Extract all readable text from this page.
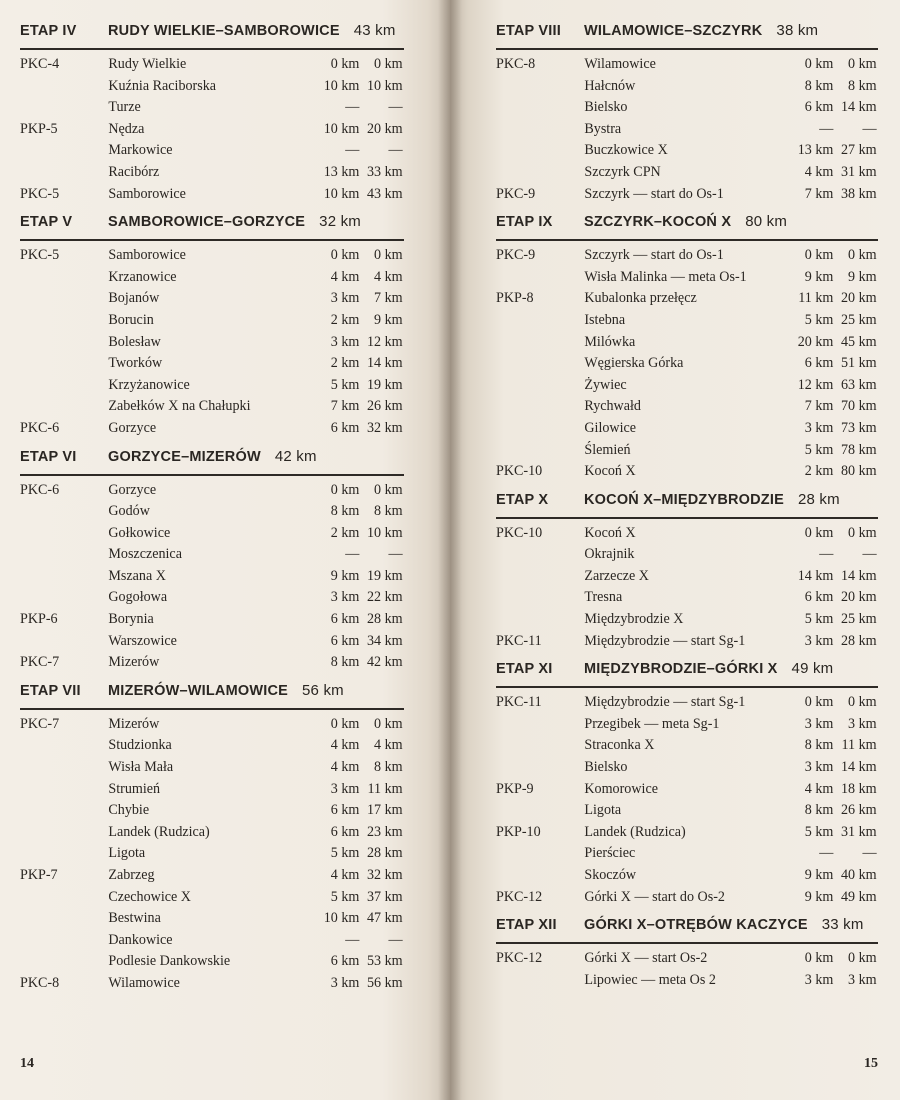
ETAP IV	RUDY WIELKIE–SAMBOROWICE 43 km
PKC-4	Rudy Wielkie	0 km 0 km
Kuźnia Raciborska	10 km 10 km
Turze	—	—
PKP-5	Nędza	10 km 20 km
Markowice	—	—
Racibórz	13 km 33 km
PKC-5	Samborowice	10 km 43 km
ETAP V	SAMBOROWICE–GORZYCE 32 km
PKC-5	Samborowice	0 km 0 km
Krzanowice	4 km 4 km
Bojanów	3 km 7 km
Borucin	2 km 9 km
Bolesław	3 km 12 km
Tworków	2 km 14 km
Krzyżanowice	5 km 19 km
Zabełków X na Chałupki	7 km 26 km
PKC-6	Gorzyce	6 km 32 km
ETAP VI	GORZYCE–MIZERÓW 42 km
PKC-6	Gorzyce	0 km 0 km
Godów	8 km 8 km
Gołkowice	2 km 10 km
Moszczenica	—	—
Mszana X	9 km 19 km
Gogołowa	3 km 22 km
PKP-6	Borynia	6 km 28 km
Warszowice	6 km 34 km
PKC-7	Mizerów	8 km 42 km
ETAP VII	MIZERÓW–WILAMOWICE 56 km
PKC-7	Mizerów	0 km 0 km
Studzionka	4 km 4 km
Wisła Mała	4 km 8 km
Strumień	3 km 11 km
Chybie	6 km 17 km
Landek (Rudzica)	6 km 23 km
Ligota	5 km 28 km
PKP-7	Zabrzeg	4 km 32 km
Czechowice X	5 km 37 km
Bestwina	10 km 47 km
Dankowice	—	—
Podlesie Dankowskie	6 km 53 km
PKC-8	Wilamowice	3 km 56 km
14
ETAP VIII	WILAMOWICE–SZCZYRK 38 km
PKC-8	Wilamowice	0 km 0 km
Hałcnów	8 km 8 km
Bielsko	6 km 14 km
Bystra	—	—
Buczkowice X	13 km 27 km
Szczyrk CPN	4 km 31 km
PKC-9	Szczyrk — start do Os-1	7 km 38 km
ETAP IX	SZCZYRK–KOCOŃ X 80 km
PKC-9	Szczyrk — start do Os-1	0 km 0 km
Wisła Malinka — meta Os-1	9 km 9 km
PKP-8	Kubalonka przełęcz	11 km 20 km
Istebna	5 km 25 km
Milówka	20 km 45 km
Węgierska Górka	6 km 51 km
Żywiec	12 km 63 km
Rychwałd	7 km 70 km
Gilowice	3 km 73 km
Ślemień	5 km 78 km
PKC-10	Kocoń X	2 km 80 km
ETAP X	KOCOŃ X–MIĘDZYBRODZIE 28 km
PKC-10	Kocoń X	0 km 0 km
Okrajnik	—	—
Zarzecze X	14 km 14 km
Tresna	6 km 20 km
Międzybrodzie X	5 km 25 km
PKC-11	Międzybrodzie — start Sg-1	3 km 28 km
ETAP XI	MIĘDZYBRODZIE–GÓRKI X 49 km
PKC-11	Międzybrodzie — start Sg-1	0 km 0 km
Przegibek — meta Sg-1	3 km 3 km
Straconka X	8 km 11 km
Bielsko	3 km 14 km
PKP-9	Komorowice	4 km 18 km
Ligota	8 km 26 km
PKP-10	Landek (Rudzica)	5 km 31 km
Pierściec	—	—
Skoczów	9 km 40 km
PKC-12	Górki X — start do Os-2	9 km 49 km
ETAP XII	GÓRKI X–OTRĘBÓW KACZYCE 33 km
PKC-12	Górki X — start Os-2	0 km 0 km
Lipowiec — meta Os 2	3 km 3 km
15
